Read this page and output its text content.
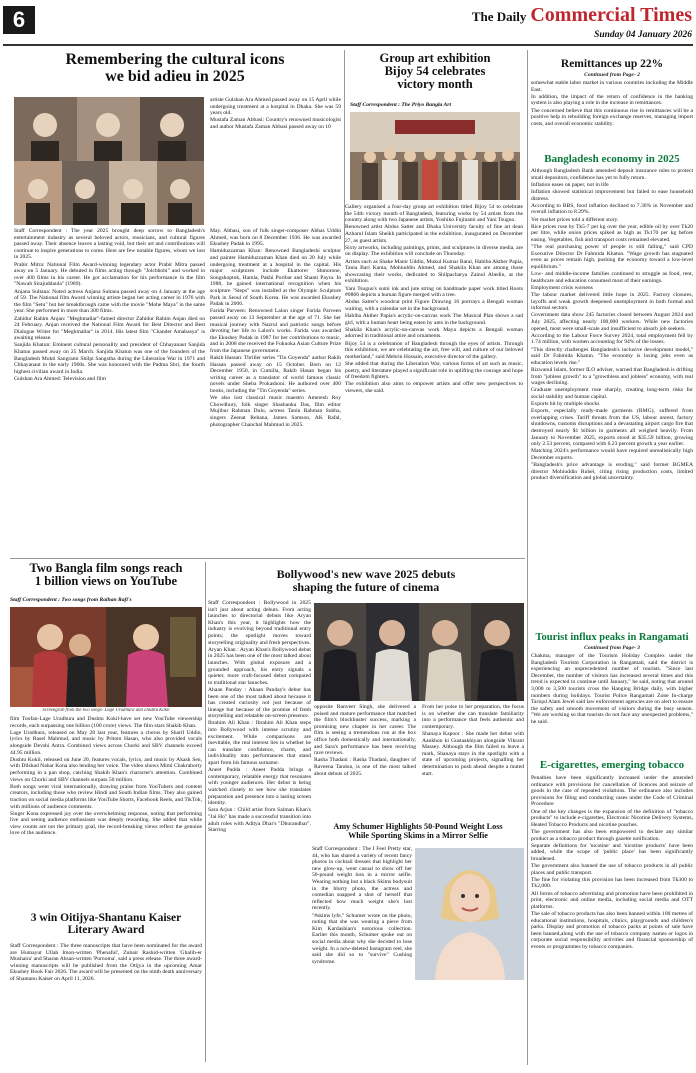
6	The Daily Commercial Times
Sunday 04 January 2026
Remembering the cultural icons
we bid adieu in 2025

Staff Correspondent : The year 2025 brought deep sorrow to Bangladesh's entertainment industry as several beloved actors, musicians, and cultural figures passed away. Their absence leaves a lasting void, but their art and contributions will continue to inspire generations to come. Here are few notable figures, whom we lost in 2025.

Prabir Mitra: National Film Award-winning legendary actor Prabir Mitra passed away on 5 January. He debuted in films acting through "Jolchhobi" and worked in over 400 films in his career. He got acclamation for his performance in the film "Nawab Sirajuddaula" (1989).

Anjana Sultana: Noted actress Anjana Sultana passed away on 4 January at the age of 59. The National film Award winning artiste began her acting career in 1976 with the film "Setu" but her breakthrough came with the movie "Mohe Maya" in the same year. She performed in more than 300 films.

Zahidur Rahim Anjan: "Meghmallar"-famed director Zahidur Rahim Anjan died on 24 February. Anjan received the National Film Award for Best Director and Best Dialogue Writer for "Meghmallar" in 2014. His latest film "Chander Amabasya" is awaiting release.

Sanjida Khatun: Eminent cultural personality and president of Chhayanaut Sanjida Khatun passed away on 25 March. Sanjida Khatun was one of the founders of the Bangladesh Mukti Sangrami Shilpi Sangstha during the Liberation War in 1971 and Chhayanaut in the early 1960s. She was honoured with the Padma Shri, the fourth highest civilian award in India.

Gulshan Ara Ahmed: Television and film

artiste Gulshan Ara Ahmed passed away on 15 April while undergoing treatment at a hospital in Dhaka. She was 59 years old.

Mustafa Zaman Abbasi: Country's renowned musicologist and author Mustafa Zaman Abbasi passed away on 10

May. Abbasi, son of folk singer-composer Abbas Uddin Ahmed, was born on 8 December 1936. He was awarded Ekushey Padak in 1995.

Hamiduzzaman Khan: Renowned Bangladeshi sculptor and painter Hamiduzzaman Khan died on 20 July while undergoing treatment at a hospital in the capital. His major sculptures include Ekattorer Shmorone, Songshoptok, Hamla, Pakhi Poribar and Shanti Payra. In 1988, he gained international recognition when his sculpture "Steps" was installed at the Olympic Sculpture Park in Seoul of South Korea. He was awarded Ekushey Padak in 2006.

Farida Parveen: Renowned Lalon singer Farida Parveen passed away on 13 September at the age of 71. She her musical journey with Nazrul and patriotic songs before devoting her life to Lalon's works. Farida was awarded the Ekushey Padak in 1987 for her contributions to music, and in 2008 she received the Fukuoka Asian Culture Prize from the Japanese government.

Rakib Hassan: Thriller series "Tin Goyenda" author Rakib Hassan passed away on 15 October. Born on 12 December 1950, in Cumilla, Rakib Hasan began his writing career as a translator of world famous classic novels under Sheba Prokashoni. He authored over 400 books, including the "Tin Goyenda" series.

We also lost classical music maestro Ameresh Roy Chowdhury, folk singer Shashanka Das, film editor Mujibur Rahman Dulu, actress Tanin Rahman Subha, singers Zeenat Rehana, James Samson, AK Rafal, photographer Chanchal Mahmud in 2025.

Group art exhibition
Bijoy 54 celebrates
victory month
Staff Correspondent : The Priyo Bangla Art

Gallery organised a four-day group art exhibition titled Bijoy 54 to celebrate the 54th victory month of Bangladesh, featuring works by 54 artists from the country along with two Japanese artists, Yoshiko Fujinami and Yani Tsuguo.

Renowned artist Abdus Satter and Dhaka University faculty of fine art dean Azharul Islam Sheikh participated in the exhibition, inaugurated on December 27, as guest artists.

Sixty artworks, including paintings, prints, and sculptures in diverse media, are on display. The exhibition will conclude on Thursday.

Artists such as Shake Manir Uddin, Mukul Kumar Barai, Habiba Akther Papia, Tania Bari Kanta, Mohiuddin Ahmed, and Shakila Khan are among those showcasing their works, dedicated to Shilpacharya Zainul Abedin, at the exhibition.

Yani Tsuguo's sumi ink and jute string on handmade paper work titled Roots #0866 depicts a human figure merged with a tree.

Abdus Satter's woodcut print Figure Drawing 16 portrays a Bengali woman waiting, with a calendar set in the background.

Habiba Akther Papia's acrylic-on-canvas work The Musical Plan shows a sad girl, with a human heart being eaten by ants in the background.

Shakila Khan's acrylic-on-canvas work Maya depicts a Bengali woman adorned in traditional attire and ornaments.

Bijoy 54 is a celebration of Bangladesh through the eyes of artists. Through this exhibition, we are celebrating the art, free will, and culture of our beloved motherland," said Mehrin Hossain, executive director of the gallery.

She added that during the Liberation War, various forms of art such as music, poetry, and literature played a significant role in uplifting the courage and hope of freedom fighters.

The exhibition also aims to empower artists and offer new perspectives to viewers, she said.

Remittances up 22%
Continued from Page- 2

somewhat stable labor market in various countries including the Middle East.

In addition, the impact of the return of confidence in the banking system is also playing a role in the increase in remittances.

The concerned believe that this continuous rise in remittances will be a positive help in rebuilding foreign exchange reserves, managing import costs, and overall economic stability.

Bangladesh economy in 2025

Although Bangladesh Bank amended deposit insurance rules to protect small depositors, confidence has yet to fully return.

Inflation eases on paper, not in life

Inflation showed statistical improvement but failed to ease household distress.

According to BBS, food inflation declined to 7.36% in November and overall inflation to 8.29%.

Yet market prices told a different story.

Rice prices rose by Tk5-7 per kg over the year, edible oil by over Tk20 per litre, while onion prices spiked as high as Tk170 per kg before easing. Vegetables, fish and transport costs remained elevated.

"The real purchasing power of people is still falling," said CPD Executive Director Dr Fahmida Khatun. "Wage growth has stagnated even as prices remain high, pushing the economy toward a low-level equilibrium."

Low- and middle-income families continued to struggle as food, rent, healthcare and education consumed most of their earnings.

Employment crisis worsens

The labour market delivered little hope in 2025. Factory closures, layoffs and weak growth deepened unemployment in both formal and informal sectors.

Government data show 245 factories closed between August 2024 and July 2025, affecting nearly 100,000 workers. While new factories opened, most were small-scale and insufficient to absorb job seekers.

According to the Labour Force Survey 2024, total employment fell by 1.74 million, with women accounting for 94% of the losses.

"This directly challenges Bangladesh's inclusive development model," said Dr Fahmida Khatun. "The economy is losing jobs even as education levels rise."

Rizwanul Islam, former ILO adviser, warned that Bangladesh is drifting from "jobless growth" to a "growthless and jobless" economy, with real wages declining.

Graduate unemployment rose sharply, creating long-term risks for social stability and human capital.

Exports hit by multiple shocks

Exports, especially ready-made garments (RMG), suffered from overlapping crises. Tariff threats from the US, labour unrest, factory shutdowns, customs disruptions and a devastating airport cargo fire that destroyed nearly $1 billion in garments all weighed heavily. From January to November 2025, exports stood at $35.59 billion, growing only 2.53 percent, compared with 6.23 percent growth a year earlier.

Matching 2024's performance would have required unrealistically high December exports.

"Bangladesh's price advantage is eroding," said former BGMEA director Mohiuddin Rubel, citing rising production costs, limited product diversification and global uncertainty.

Tourist influx peaks in Rangamati
Continued from Page- 3

Chakma, manager of the Tourism Holiday Complex under the Bangladesh Tourism Corporation in Rangamati, said the district is experiencing an unprecedented number of tourists. "Since last December, the number of visitors has increased several times and this trend is expected to continue until January," he said, noting that around 3,000 to 3,500 tourists cross the Hanging Bridge daily, with higher numbers during holidays. Tourist Police Rangamati Zone In-charge Tariqul Alam Jewel said law enforcement agencies are on alert to ensure the safety and smooth movement of visitors during the busy season. "We are working so that tourists do not face any unexpected problems," he said.

E-cigarettes, emerging tobacco

Penalties have been significantly increased under the amended ordinance with provisions for cancellation of licences and seizure of goods in the case of repeated violations. The ordinance also includes provisions for filing and conducting cases under the Code of Criminal Procedure

One of the key changes is the expansion of the definition of "tobacco products" to include e-cigarettes, Electronic Nicotine Delivery Systems, Heated Tobacco Products and nicotine pouches.

The government has also been empowered to declare any similar product as a tobacco product through gazette notification.

Separate definitions for 'nicotine' and 'nicotine products' have been added, while the scope of 'public place' has been significantly broadened.

The government also banned the use of tobacco products in all public places and public transport.

The fine for violating this provision has been increased from Tk300 to Tk2,000.

All forms of tobacco advertising and promotion have been prohibited in print, electronic and online media, including social media and OTT platforms.

The sale of tobacco products has also been banned within 100 metres of educational institutions, hospitals, clinics, playgrounds and children's parks. Display and promotion of tobacco packs at points of sale have been banned,along with the use of tobacco company names or logos in corporate social responsibility activities and financial sponsorship of events or programmes by tobacco companies.

Two Bangla film songs reach
1 billion views on YouTube
Staff Correspondent : Two songs from Raihan Rafi's
Screengrab from the two songs- Lage Uradhura and Dushtu Kokil

film Toofan-Lage Uradhura and Dushtu Kokil-have set new YouTube viewership records, each surpassing one billion (100 crore) views. The film stars Shakib Khan.

Lage Uradhura, released on May 28 last year, features a chorus by Sharif Uddin, lyrics by Rasel Mahmud, and music by Pritom Hasan, who also provided vocals alongside Devshi Antra. Combined views across Chorki and SBV channels exceed 44.95 million.

Dushtu Kokil, released on June 20, features vocals, lyrics, and music by Akash Sen, with Dilshad Nahar Kona also lending her voice. The video shows Mimi Chakraborty performing in a pan shop, catching Shakib Khan's character's attention. Combined views on Chorki and SBV channels surpass 50 million.

Both songs went viral internationally, drawing praise from YouTubers and content creators, including those who review Hindi and South Indian films. They also gained traction on social media platforms like YouTube Shorts, Facebook Reels, and TikTok, with millions of audience comments.

Singer Kona expressed joy over the overwhelming response, noting that performing live and seeing audience enthusiasm was deeply rewarding. She added that while view counts are not the primary goal, the record-breaking views reflect the genuine love of the audience.

3 win Oitijya-Shantanu Kaiser
Literary Award

Staff Correspondent : The three manuscripts that have been nominated for the award are Humayut Ullah Imon-written 'Phenaful', Zubair Rashid-written 'Ghalib-er Mushaira' and Sharan Ahsan-written 'Purnoma', said a press release. The three award-winning manuscripts will be published from the Otijya in the upcoming Amar Ekushey Book Fair 2026. The award will be presented on the ninth death anniversary of Shantanu Kaiser on April 11, 2026.

Bollywood's new wave 2025 debuts
shaping the future of cinema

Staff Correspondent : Bollywood in 2025 isn't just about acting debuts. From acting launches to directorial debuts like Aryan Khan's this year, it highlights how the industry is evolving beyond traditional entry points; the spotlight moves toward storytelling originality and fresh perspectives.

Aryan Khan : Aryan Khan's Bollywood debut in 2025 has been one of the most talked about launches. With global exposure and a grounded approach, his entry signals a quieter, more craft-focused debut compared to traditional star launches.

Ahaan Panday : Ahaan Panday's debut has been one of the most talked about because it has created curiosity not just because of lineage but because of the promise of fresh storytelling and relatable on-screen presence.

Ibrahim Ali Khan : Ibrahim Ali Khan steps into Bollywood with intense scrutiny and excitement. While comparisons are inevitable, the real interest lies in whether he can translate confidence, charm, and individuality into performances that stand apart from his famous surname.

Aneet Padda : Aneet Padda brings a contemporary, relatable energy that resonates with younger audiences. Her debut is being watched closely to see how she translates preparation and presence into a lasting screen identity.

Sara Arjun : Child artist from Salman Khan's "Jai Ho" has made a successful transition into adult roles with Aditya Dhar's "Dhurandhar". Starring

opposite Ranveer Singh, she delivered a poised and mature performance that matched the film's blockbuster success, marking a promising new chapter in her career. The film is seeing a tremendous run at the box office both domestically and internationally, and Sara's performance has been receiving rave reviews.

Rasha Thadani : Rasha Thadani, daughter of Raveena Tandon, is one of the most talked about debuts of 2025.

From her poise to her preparation, the focus is on whether she can translate familiarity into a performance that feels authentic and contemporary.

Shanaya Kapoor : She made her debut with Aankhon ki Gustaakhiyan alongside Vikrant Massey. Although the film failed to leave a mark, Shanaya stays in the spotlight with a state of upcoming projects, signalling her determination to push ahead despite a muted start.

Amy Schumer Highlights 50-Pound Weight Loss
While Sporting Skims in a Mirror Selfie

Staff Correspondent : The I Feel Pretty star, 44, who has shared a variety of recent fancy photos in cocktail dresses that highlight her new glow-up, went casual to show off her 50-pound weight loss in a mirror selfie. Wearing nothing but a black Skims bodysuit in the blurry photo, the actress and comedian snapped a shot of herself that reflected how much weight she's lost recently.

"#skims lyfe," Schumer wrote on the photo, noting that she was wearing a piece from Kim Kardashian's notorious collection. Earlier this month, Schumer spoke out on social media about why she decided to lose weight. In a now-deleted Instagram reel, she said she did so to "survive" Cushing syndrome.
